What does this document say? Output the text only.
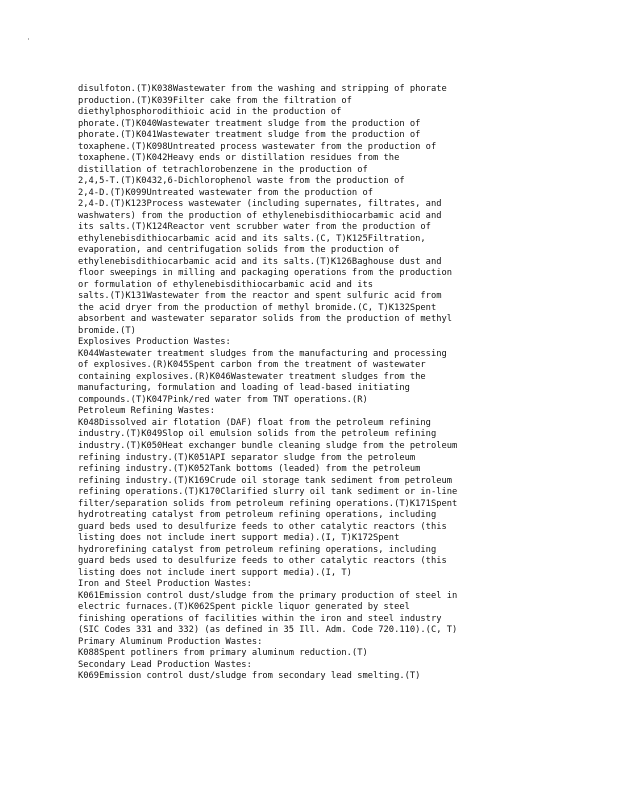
disulfoton.(T)K038Wastewater from the washing and stripping of phorate
production.(T)K039Filter cake from the filtration of
diethylphosphorodithioic acid in the production of
phorate.(T)K040Wastewater treatment sludge from the production of
phorate.(T)K041Wastewater treatment sludge from the production of
toxaphene.(T)K098Untreated process wastewater from the production of
toxaphene.(T)K042Heavy ends or distillation residues from the
distillation of tetrachlorobenzene in the production of
2,4,5-T.(T)K0432,6-Dichlorophenol waste from the production of
2,4-D.(T)K099Untreated wastewater from the production of
2,4-D.(T)K123Process wastewater (including supernates, filtrates, and
washwaters) from the production of ethylenebisdithiocarbamic acid and
its salts.(T)K124Reactor vent scrubber water from the production of
ethylenebisdithiocarbamic acid and its salts.(C, T)K125Filtration,
evaporation, and centrifugation solids from the production of
ethylenebisdithiocarbamic acid and its salts.(T)K126Baghouse dust and
floor sweepings in milling and packaging operations from the production
or formulation of ethylenebisdithiocarbamic acid and its
salts.(T)K131Wastewater from the reactor and spent sulfuric acid from
the acid dryer from the production of methyl bromide.(C, T)K132Spent
absorbent and wastewater separator solids from the production of methyl
bromide.(T)
Explosives Production Wastes:
K044Wastewater treatment sludges from the manufacturing and processing
of explosives.(R)K045Spent carbon from the treatment of wastewater
containing explosives.(R)K046Wastewater treatment sludges from the
manufacturing, formulation and loading of lead-based initiating
compounds.(T)K047Pink/red water from TNT operations.(R)
Petroleum Refining Wastes:
K048Dissolved air flotation (DAF) float from the petroleum refining
industry.(T)K049Slop oil emulsion solids from the petroleum refining
industry.(T)K050Heat exchanger bundle cleaning sludge from the petroleum
refining industry.(T)K051API separator sludge from the petroleum
refining industry.(T)K052Tank bottoms (leaded) from the petroleum
refining industry.(T)K169Crude oil storage tank sediment from petroleum
refining operations.(T)K170Clarified slurry oil tank sediment or in-line
filter/separation solids from petroleum refining operations.(T)K171Spent
hydrotreating catalyst from petroleum refining operations, including
guard beds used to desulfurize feeds to other catalytic reactors (this
listing does not include inert support media).(I, T)K172Spent
hydrorefining catalyst from petroleum refining operations, including
guard beds used to desulfurize feeds to other catalytic reactors (this
listing does not include inert support media).(I, T)
Iron and Steel Production Wastes:
K061Emission control dust/sludge from the primary production of steel in
electric furnaces.(T)K062Spent pickle liquor generated by steel
finishing operations of facilities within the iron and steel industry
(SIC Codes 331 and 332) (as defined in 35 Ill. Adm. Code 720.110).(C, T)
Primary Aluminum Production Wastes:
K088Spent potliners from primary aluminum reduction.(T)
Secondary Lead Production Wastes:
K069Emission control dust/sludge from secondary lead smelting.(T)
